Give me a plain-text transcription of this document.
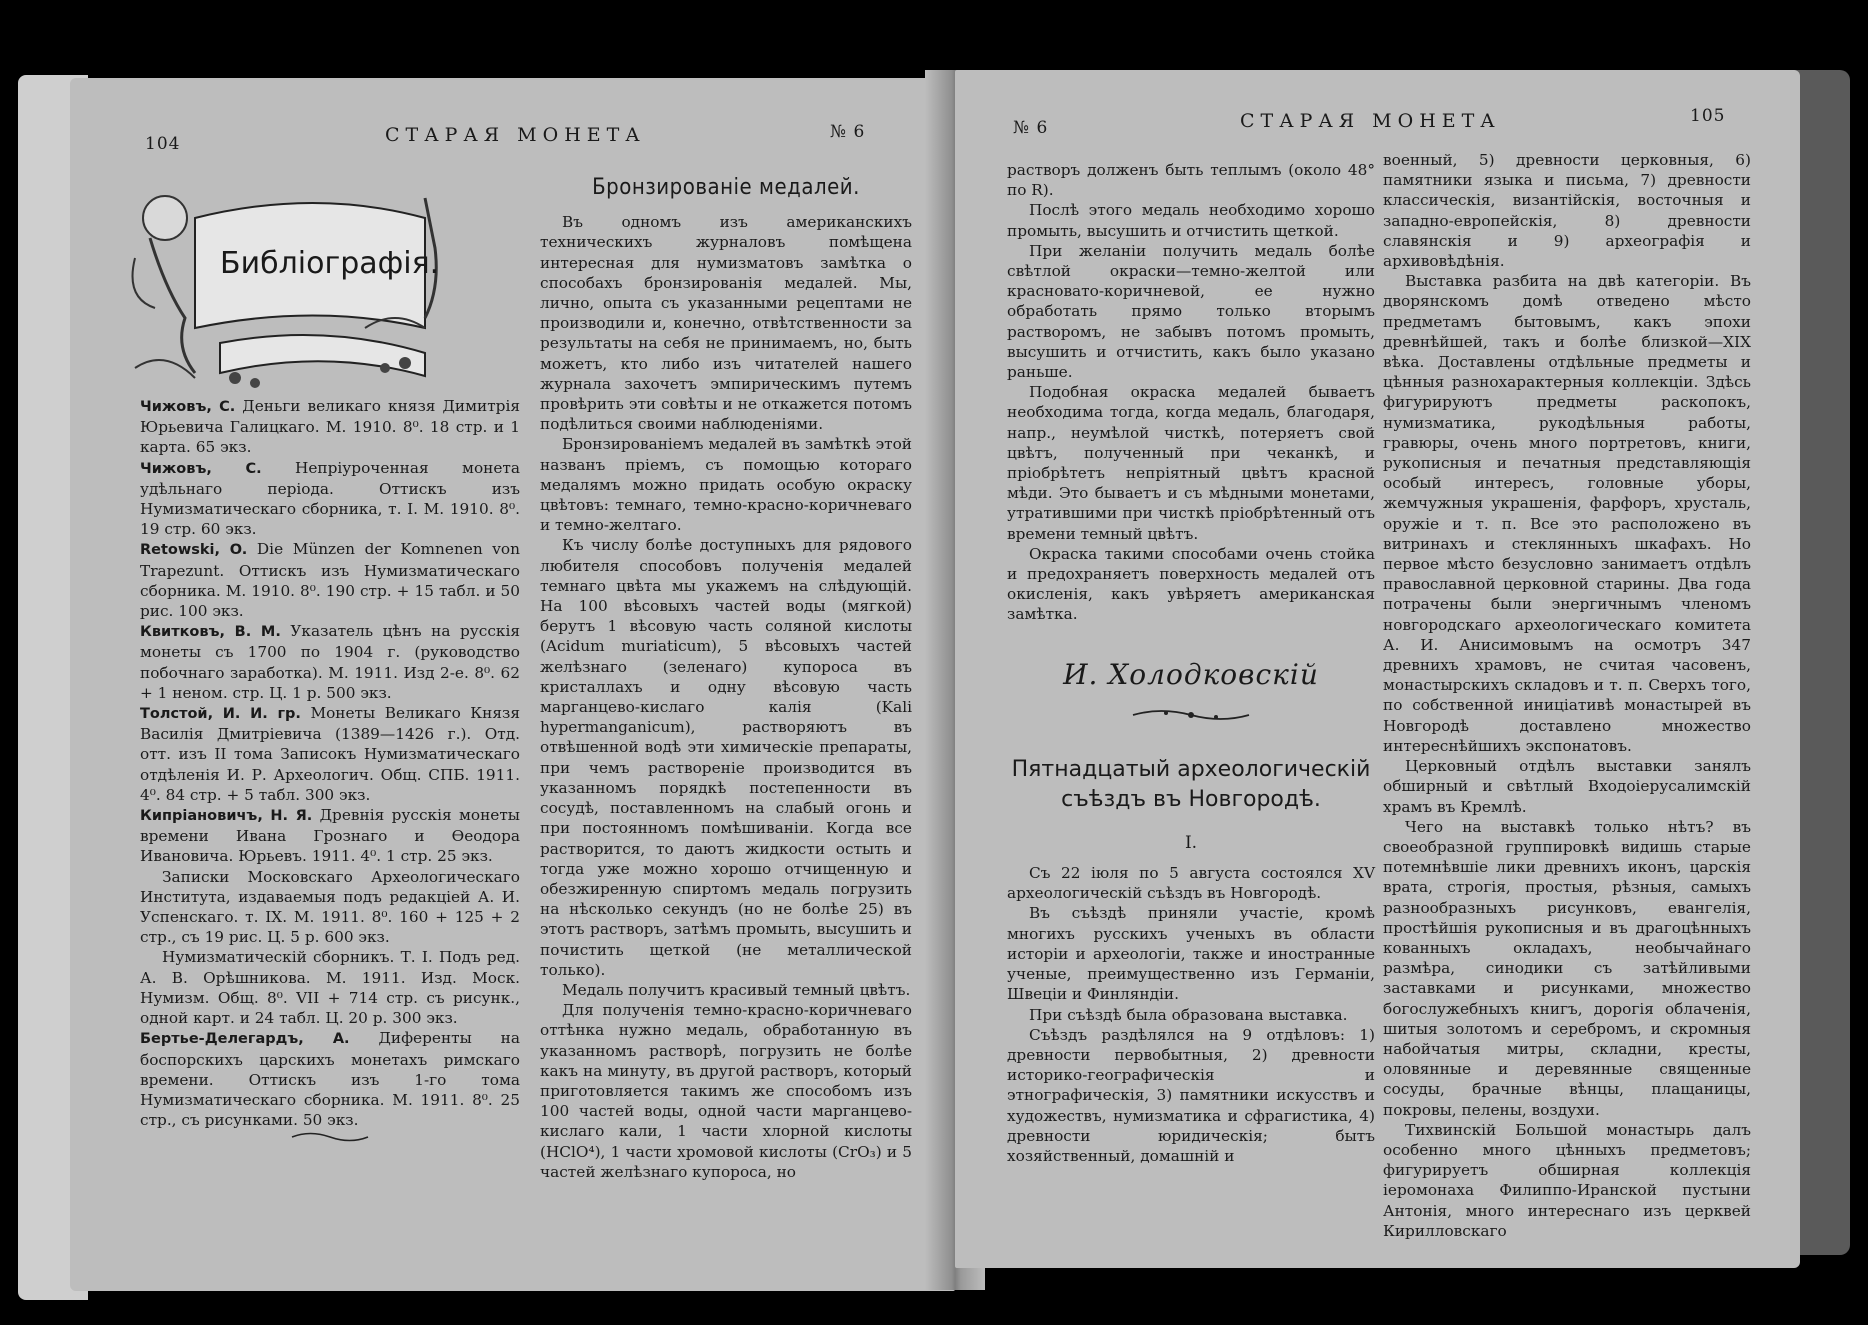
104	СТАРАЯ МОНЕТА	№ 6
Библіографія.

Чижовъ, С. Деньги великаго князя Димитрія Юрьевича Галицкаго. М. 1910. 8⁰. 18 стр. и 1 карта. 65 экз.

Чижовъ, С. Непріуроченная монета удѣльнаго періода. Оттискъ изъ Нумизматическаго сборника, т. I. М. 1910. 8⁰. 19 стр. 60 экз.

Retowski, O. Die Münzen der Komnenen von Trapezunt. Оттискъ изъ Нумизматическаго сборника. М. 1910. 8⁰. 190 стр. + 15 табл. и 50 рис. 100 экз.

Квитковъ, В. М. Указатель цѣнъ на русскія монеты съ 1700 по 1904 г. (руководство побочнаго заработка). М. 1911. Изд 2-е. 8⁰. 62 + 1 неном. стр. Ц. 1 р. 500 экз.

Толстой, И. И. гр. Монеты Великаго Князя Василія Дмитріевича (1389—1426 г.). Отд. отт. изъ II тома Записокъ Нумизматическаго отдѣленія И. Р. Археологич. Общ. СПБ. 1911. 4⁰. 84 стр. + 5 табл. 300 экз.

Кипріановичъ, Н. Я. Древнія русскія монеты времени Ивана Грознаго и Ѳеодора Ивановича. Юрьевъ. 1911. 4⁰. 1 стр. 25 экз.

Записки Московскаго Археологическаго Института, издаваемыя подъ редакціей А. И. Успенскаго. т. IX. М. 1911. 8⁰. 160 + 125 + 2 стр., съ 19 рис. Ц. 5 р. 600 экз.

Нумизматическій сборникъ. Т. I. Подъ ред. А. В. Орѣшникова. М. 1911. Изд. Моск. Нумизм. Общ. 8⁰. VII + 714 стр. съ рисунк., одной карт. и 24 табл. Ц. 20 р. 300 экз.

Бертье-Делегардъ, А. Диференты на боспорскихъ царскихъ монетахъ римскаго времени. Оттискъ изъ 1-го тома Нумизматическаго сборника. М. 1911. 8⁰. 25 стр., съ рисунками. 50 экз.

Бронзированіе медалей.

Въ одномъ изъ американскихъ техническихъ журналовъ помѣщена интересная для нумизматовъ замѣтка о способахъ бронзированія медалей. Мы, лично, опыта съ указанными рецептами не производили и, конечно, отвѣтственности за результаты на себя не принимаемъ, но, быть можетъ, кто либо изъ читателей нашего журнала захочетъ эмпирическимъ путемъ провѣрить эти совѣты и не откажется потомъ подѣлиться своими наблюденіями.

Бронзированіемъ медалей въ замѣткѣ этой названъ пріемъ, съ помощью котораго медалямъ можно придать особую окраску цвѣтовъ: темнаго, темно-красно-коричневаго и темно-желтаго.

Къ числу болѣе доступныхъ для рядового любителя способовъ полученія медалей темнаго цвѣта мы укажемъ на слѣдующій. На 100 вѣсовыхъ частей воды (мягкой) берутъ 1 вѣсовую часть соляной кислоты (Acidum muriaticum), 5 вѣсовыхъ частей желѣзнаго (зеленаго) купороса въ кристаллахъ и одну вѣсовую часть марганцево-кислаго калія (Kali hypermanganicum), растворяютъ въ отвѣшенной водѣ эти химическіе препараты, при чемъ раствореніе производится въ указанномъ порядкѣ постепенности въ сосудѣ, поставленномъ на слабый огонь и при постоянномъ помѣшиваніи. Когда все растворится, то даютъ жидкости остыть и тогда уже можно хорошо отчищенную и обезжиренную спиртомъ медаль погрузить на нѣсколько секундъ (но не болѣе 25) въ этотъ растворъ, затѣмъ промыть, высушить и почистить щеткой (не металлической только).

Медаль получитъ красивый темный цвѣтъ.

Для полученія темно-красно-коричневаго оттѣнка нужно медаль, обработанную въ указанномъ растворѣ, погрузить не болѣе какъ на минуту, въ другой растворъ, который приготовляется такимъ же способомъ изъ 100 частей воды, одной части марганцево-кислаго кали, 1 части хлорной кислоты (HClO⁴), 1 части хромовой кислоты (CrO₃) и 5 частей желѣзнаго купороса, но

№ 6	СТАРАЯ МОНЕТА	105

растворъ долженъ быть теплымъ (около 48° по R).

Послѣ этого медаль необходимо хорошо промыть, высушить и отчистить щеткой.

При желаніи получить медаль болѣе свѣтлой окраски—темно-желтой или красновато-коричневой, ее нужно обработать прямо только вторымъ растворомъ, не забывъ потомъ промыть, высушить и отчистить, какъ было указано раньше.

Подобная окраска медалей бываетъ необходима тогда, когда медаль, благодаря, напр., неумѣлой чисткѣ, потеряетъ свой цвѣтъ, полученный при чеканкѣ, и пріобрѣтетъ непріятный цвѣтъ красной мѣди. Это бываетъ и съ мѣдными монетами, утратившими при чисткѣ пріобрѣтенный отъ времени темный цвѣтъ.

Окраска такими способами очень стойка и предохраняетъ поверхность медалей отъ окисленія, какъ увѣряетъ американская замѣтка.

И. Холодковскій

Пятнадцатый археологическій

съѣздъ въ Новгородѣ.

I.

Съ 22 іюля по 5 августа состоялся XV археологическій съѣздъ въ Новгородѣ.

Въ съѣздѣ приняли участіе, кромѣ многихъ русскихъ ученыхъ въ области исторіи и археологіи, также и иностранные ученые, преимущественно изъ Германіи, Швеціи и Финляндіи.

При съѣздѣ была образована выставка.

Съѣздъ раздѣлялся на 9 отдѣловъ: 1) древности первобытныя, 2) древности историко-географическія и этнографическія, 3) памятники искусствъ и художествъ, нумизматика и сфрагистика, 4) древности юридическія; бытъ хозяйственный, домашній и

военный, 5) древности церковныя, 6) памятники языка и письма, 7) древности классическія, византійскія, восточныя и западно-европейскія, 8) древности славянскія и 9) археографія и архивовѣдѣнія.

Выставка разбита на двѣ категоріи. Въ дворянскомъ домѣ отведено мѣсто предметамъ бытовымъ, какъ эпохи древнѣйшей, такъ и болѣе близкой—XIX вѣка. Доставлены отдѣльные предметы и цѣнныя разнохарактерныя коллекціи. Здѣсь фигурируютъ предметы раскопокъ, нумизматика, рукодѣльныя работы, гравюры, очень много портретовъ, книги, рукописныя и печатныя представляющія особый интересъ, головные уборы, жемчужныя украшенія, фарфоръ, хрусталь, оружіе и т. п. Все это расположено въ витринахъ и стеклянныхъ шкафахъ. Но первое мѣсто безусловно занимаетъ отдѣлъ православной церковной старины. Два года потрачены были энергичнымъ членомъ новгородскаго археологическаго комитета А. И. Анисимовымъ на осмотръ 347 древнихъ храмовъ, не считая часовенъ, монастырскихъ складовъ и т. п. Сверхъ того, по собственной иниціативѣ монастырей въ Новгородѣ доставлено множество интереснѣйшихъ экспонатовъ.

Церковный отдѣлъ выставки занялъ обширный и свѣтлый Входоіерусалимскій храмъ въ Кремлѣ.

Чего на выставкѣ только нѣтъ? въ своеобразной группировкѣ видишь старые потемнѣвшіе лики древнихъ иконъ, царскія врата, строгія, простыя, рѣзныя, самыхъ разнообразныхъ рисунковъ, евангелія, простѣйшія рукописныя и въ драгоцѣнныхъ кованныхъ окладахъ, необычайнаго размѣра, синодики съ затѣйливыми заставками и рисунками, множество богослужебныхъ книгъ, дорогія облаченія, шитыя золотомъ и серебромъ, и скромныя набойчатыя митры, складни, кресты, оловянные и деревянные священные сосуды, брачные вѣнцы, плащаницы, покровы, пелены, воздухи.

Тихвинскій Большой монастырь далъ особенно много цѣнныхъ предметовъ; фигурируетъ обширная коллекція іеромонаха Филиппо-Иранской пустыни Антонія, много интереснаго изъ церквей Кирилловскаго
